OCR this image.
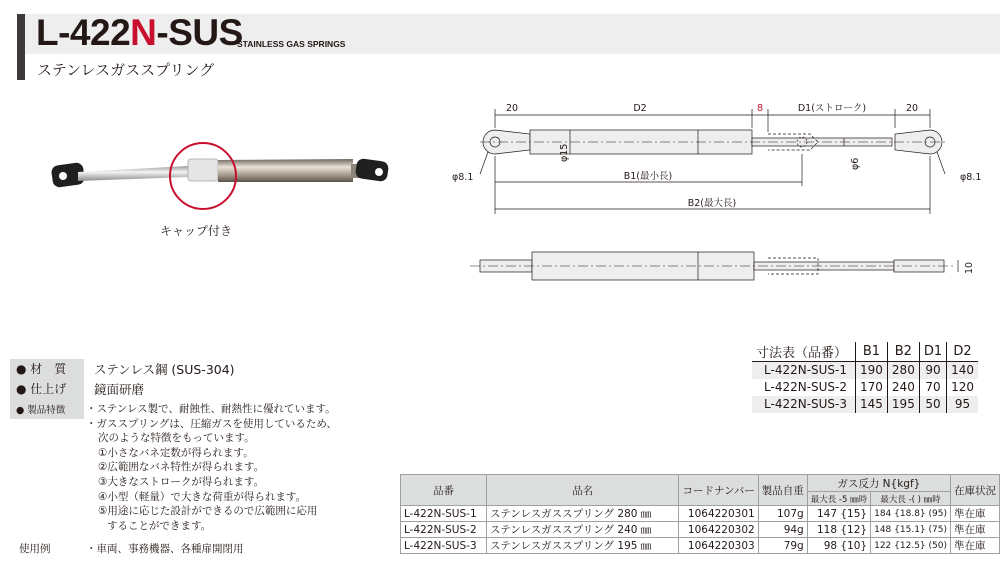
L-422N-SUS
STAINLESS GAS SPRINGS
ステンレスガススプリング
キャップ付き
20	D2	8	D1(ストローク)	20
φ15
φ6
φ8.1	φ8.1
B1(最小長)
B2(最大長)
10
● 材　質	ステンレス鋼 (SUS-304)
● 仕上げ	鏡面研磨
● 製品特徴	・ステンレス製で、耐蝕性、耐熱性に優れています。
・ガススプリングは、圧縮ガスを使用しているため、
次のような特徴をもっています。
①小さなバネ定数が得られます。
②広範囲なバネ特性が得られます。
③大きなストロークが得られます。
④小型（軽量）で大きな荷重が得られます。
⑤用途に応じた設計ができるので広範囲に応用
することができます。
使用例	・車両、事務機器、各種扉開閉用
寸法表（品番）	B1	B2	D1	D2
L-422N-SUS-1	190	280	90	140
L-422N-SUS-2	170	240	70	120
L-422N-SUS-3	145	195	50	95
品番	品名	コードナンバー	製品自重	ガス反力 N{kgf}		在庫状況
				最大長 -5 ㎜時	最大長 -( ) ㎜時	
L-422N-SUS-1	ステンレスガススプリング 280 ㎜	1064220301	107g	147 {15}	184 {18.8} (95)	準在庫
L-422N-SUS-2	ステンレスガススプリング 240 ㎜	1064220302	94g	118 {12}	148 {15.1} (75)	準在庫
L-422N-SUS-3	ステンレスガススプリング 195 ㎜	1064220303	79g	98 {10}	122 {12.5} (50)	準在庫
